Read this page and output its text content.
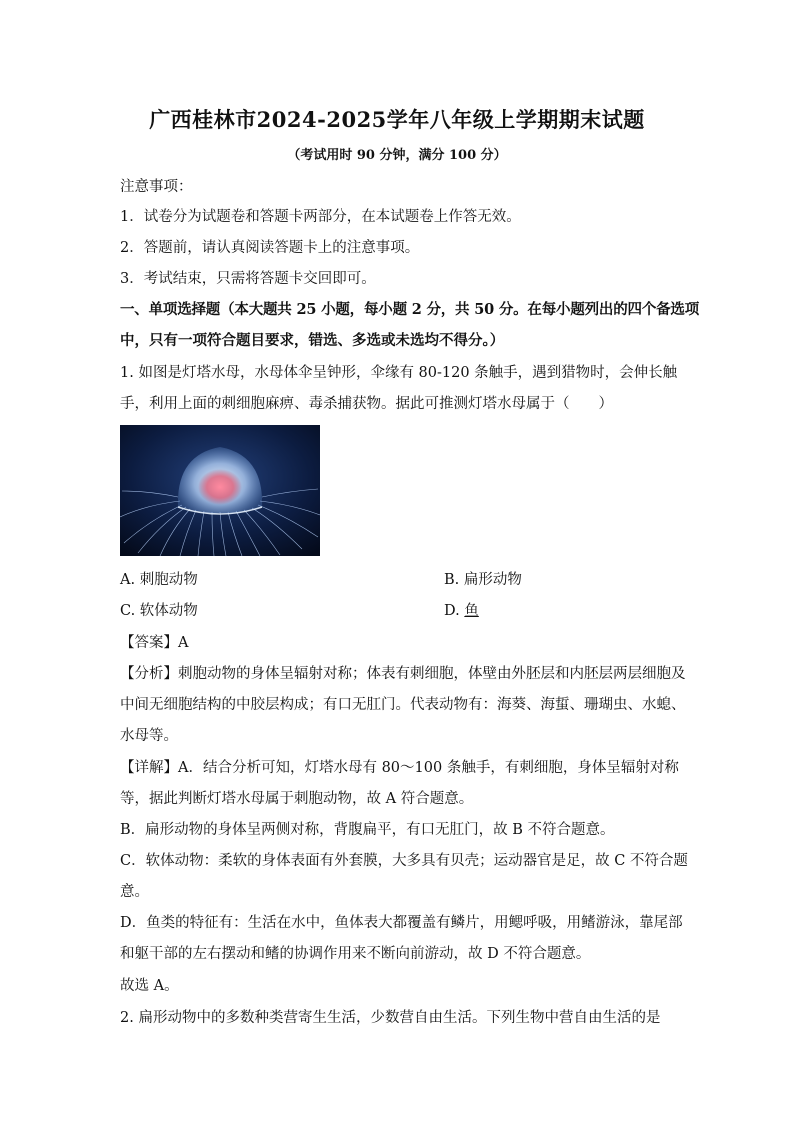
广西桂林市2024-2025学年八年级上学期期末试题
（考试用时 90 分钟，满分 100 分）
注意事项：
1．试卷分为试题卷和答题卡两部分，在本试题卷上作答无效。
2．答题前，请认真阅读答题卡上的注意事项。
3．考试结束，只需将答题卡交回即可。
一、单项选择题（本大题共 25 小题，每小题 2 分，共 50 分。在每小题列出的四个备选项
中，只有一项符合题目要求，错选、多选或未选均不得分。）
1. 如图是灯塔水母，水母体伞呈钟形，伞缘有 80-120 条触手，遇到猎物时，会伸长触
手，利用上面的刺细胞麻痹、毒杀捕获物。据此可推测灯塔水母属于（　　）
A. 刺胞动物	B. 扁形动物
C. 软体动物	D. 鱼
【答案】A
【分析】刺胞动物的身体呈辐射对称；体表有刺细胞，体壁由外胚层和内胚层两层细胞及
中间无细胞结构的中胶层构成；有口无肛门。代表动物有：海葵、海蜇、珊瑚虫、水螅、
水母等。
【详解】A．结合分析可知，灯塔水母有 80～100 条触手，有刺细胞，身体呈辐射对称
等，据此判断灯塔水母属于刺胞动物，故 A 符合题意。
B．扁形动物的身体呈两侧对称，背腹扁平，有口无肛门，故 B 不符合题意。
C．软体动物：柔软的身体表面有外套膜，大多具有贝壳；运动器官是足，故 C 不符合题
意。
D．鱼类的特征有：生活在水中，鱼体表大都覆盖有鳞片，用鳃呼吸，用鳍游泳，靠尾部
和躯干部的左右摆动和鳍的协调作用来不断向前游动，故 D 不符合题意。
故选 A。
2. 扁形动物中的多数种类营寄生生活，少数营自由生活。下列生物中营自由生活的是
